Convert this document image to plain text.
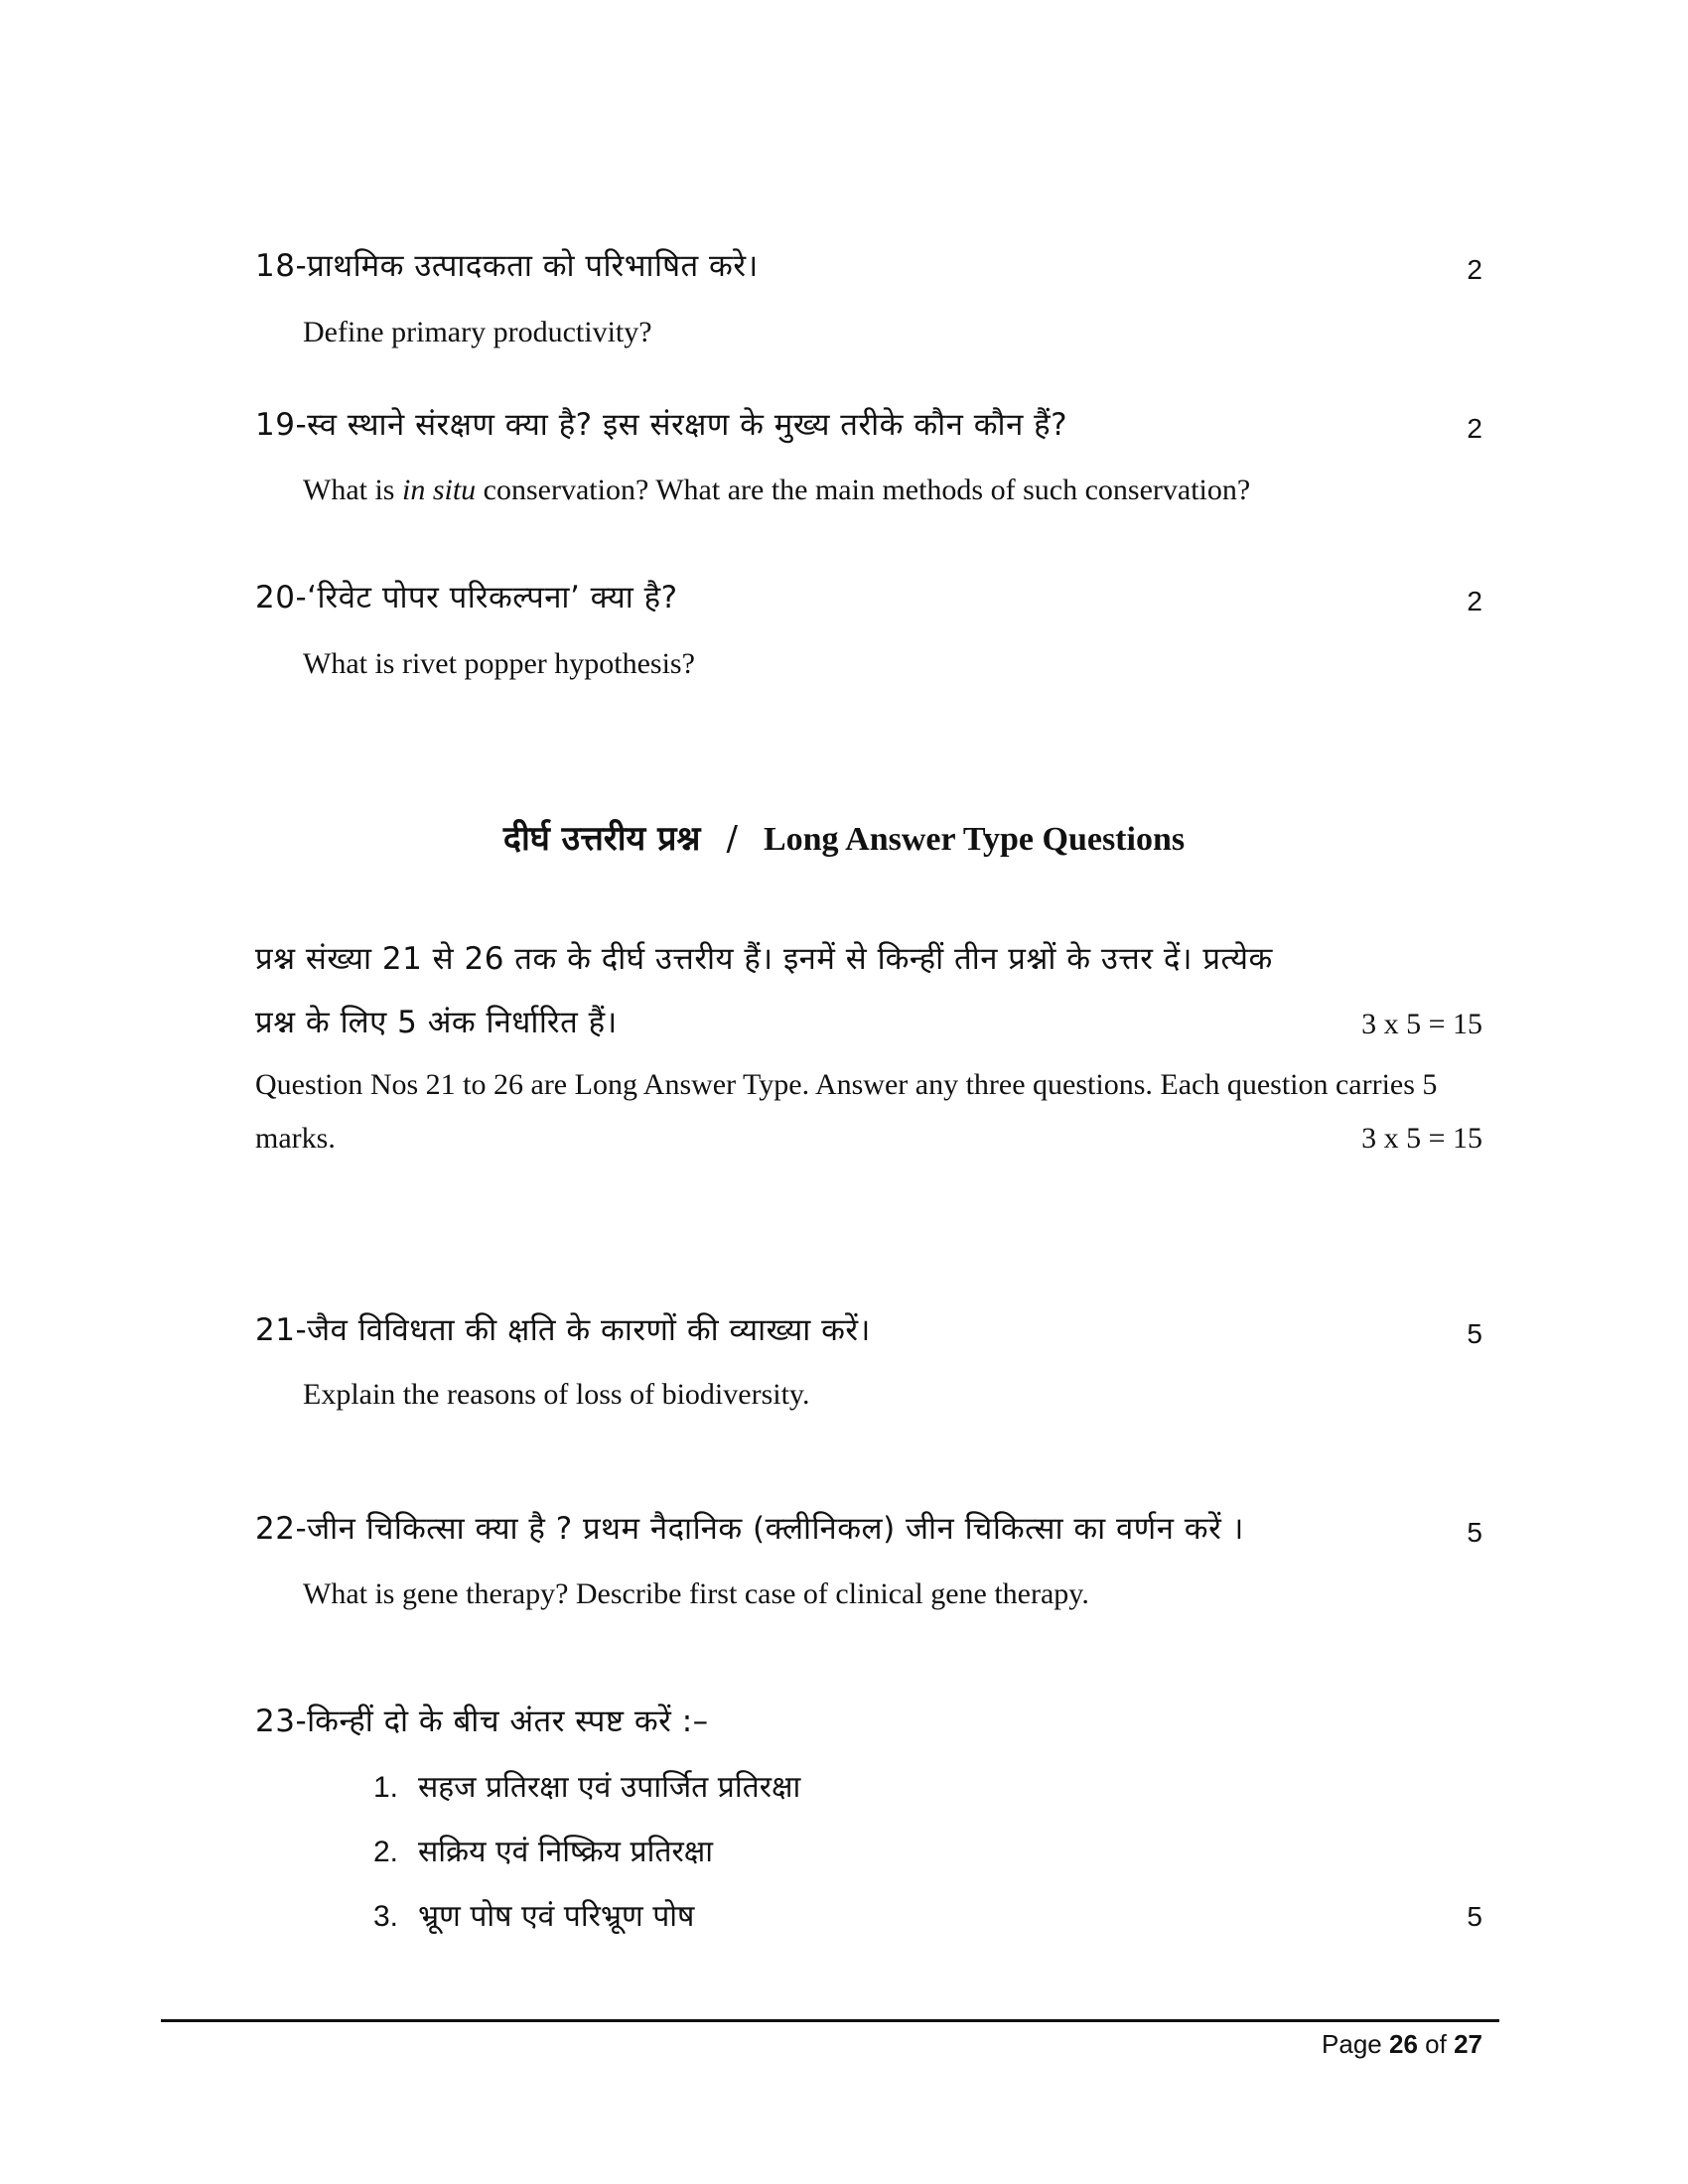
18-प्राथमिक उत्पादकता को परिभाषित करे।	2
Define primary productivity?
19-स्व स्थाने संरक्षण क्या है? इस संरक्षण के मुख्य तरीके कौन कौन हैं?	2
What is in situ conservation? What are the main methods of such conservation?
20-‘रिवेट पोपर परिकल्पना’ क्या है?	2
What is rivet popper hypothesis?
दीर्घ उत्तरीय प्रश्न / Long Answer Type Questions
प्रश्न संख्या 21 से 26 तक के दीर्घ उत्तरीय हैं। इनमें से किन्हीं तीन प्रश्नों के उत्तर दें। प्रत्येक
प्रश्न के लिए 5 अंक निर्धारित हैं।	3 x 5 = 15
Question Nos 21 to 26 are Long Answer Type. Answer any three questions. Each question carries 5
marks.	3 x 5 = 15
21-जैव विविधता की क्षति के कारणों की व्याख्या करें।	5
Explain the reasons of loss of biodiversity.
22-जीन चिकित्सा क्या है ? प्रथम नैदानिक (क्लीनिकल) जीन चिकित्सा का वर्णन करें ।	5
What is gene therapy? Describe first case of clinical gene therapy.
23-किन्हीं दो के बीच अंतर स्पष्ट करें :–
1. सहज प्रतिरक्षा एवं उपार्जित प्रतिरक्षा
2. सक्रिय एवं निष्क्रिय प्रतिरक्षा
3. भ्रूण पोष एवं परिभ्रूण पोष	5
Page 26 of 27
